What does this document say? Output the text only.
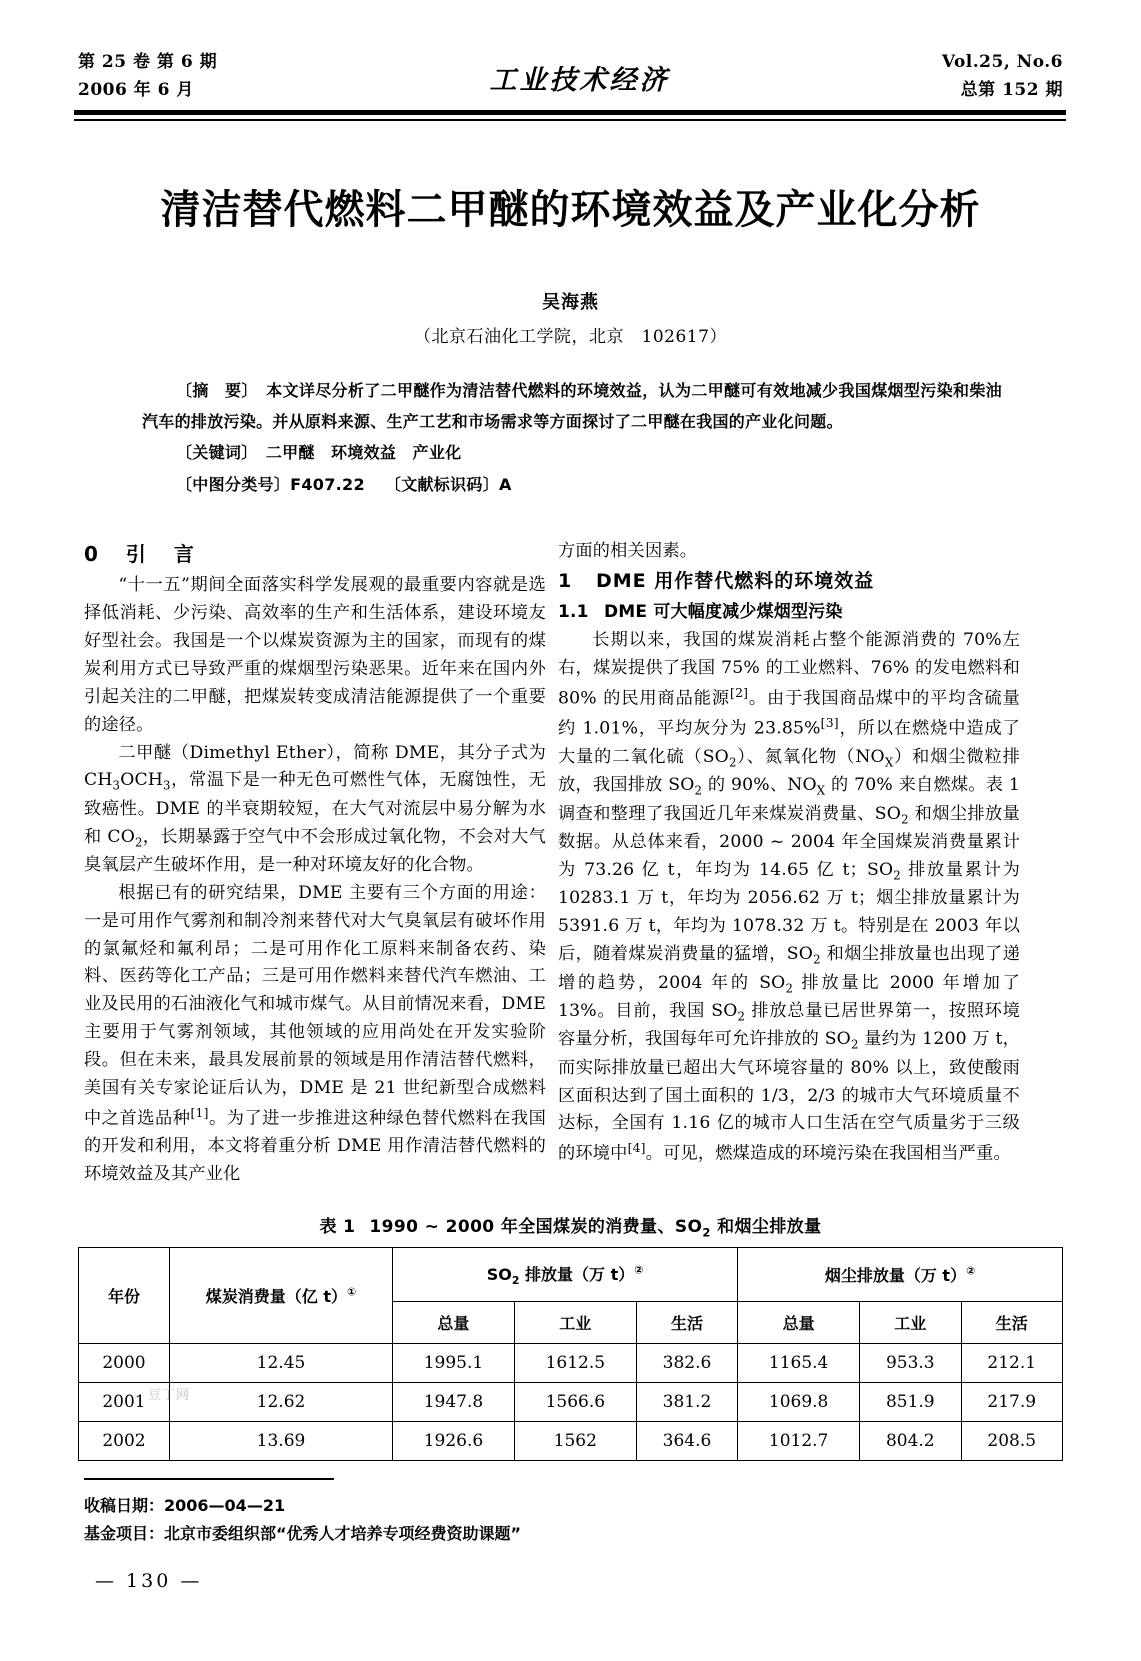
第 25 卷 第 6 期
2006 年 6 月	工业技术经济
Vol.25, No.6
总第 152 期
清洁替代燃料二甲醚的环境效益及产业化分析
吴海燕
（北京石油化工学院，北京　102617）

〔摘　要〕　 本文详尽分析了二甲醚作为清洁替代燃料的环境效益，认为二甲醚可有效地减少我国煤烟型污染和柴油汽车的排放污染。并从原料来源、生产工艺和市场需求等方面探讨了二甲醚在我国的产业化问题。

〔关键词〕　 二甲醚　环境效益　产业化

〔中图分类号〕F407.22 〔文献标识码〕A

0　引　言

“十一五”期间全面落实科学发展观的最重要内容就是选择低消耗、少污染、高效率的生产和生活体系，建设环境友好型社会。我国是一个以煤炭资源为主的国家，而现有的煤炭利用方式已导致严重的煤烟型污染恶果。近年来在国内外引起关注的二甲醚，把煤炭转变成清洁能源提供了一个重要的途径。

二甲醚（Dimethyl Ether），简称 DME，其分子式为$CH_3OCH_3$，常温下是一种无色可燃性气体，无腐蚀性，无致癌性。DME 的半衰期较短，在大气对流层中易分解为水和 $CO_2$，长期暴露于空气中不会形成过氧化物，不会对大气臭氧层产生破坏作用，是一种对环境友好的化合物。

根据已有的研究结果，DME 主要有三个方面的用途：一是可用作气雾剂和制冷剂来替代对大气臭氧层有破坏作用的氯氟烃和氟利昂；二是可用作化工原料来制备农药、染料、医药等化工产品；三是可用作燃料来替代汽车燃油、工业及民用的石油液化气和城市煤气。从目前情况来看，DME 主要用于气雾剂领域，其他领域的应用尚处在开发实验阶段。但在未来，最具发展前景的领域是用作清洁替代燃料，美国有关专家论证后认为，DME 是 21 世纪新型合成燃料中之首选品种[1]。为了进一步推进这种绿色替代燃料在我国的开发和利用，本文将着重分析 DME 用作清洁替代燃料的环境效益及其产业化

方面的相关因素。

1 DME 用作替代燃料的环境效益

1.1 DME 可大幅度减少煤烟型污染

长期以来，我国的煤炭消耗占整个能源消费的 70%左右，煤炭提供了我国 75% 的工业燃料、76% 的发电燃料和 80% 的民用商品能源[2]。由于我国商品煤中的平均含硫量约 1.01%，平均灰分为 23.85%[3]，所以在燃烧中造成了大量的二氧化硫$(SO_2)$、氮氧化物$(NO_X)$和烟尘微粒排放，我国排放 $SO_2$ 的 90%、$NO_X$ 的 70% 来自燃煤。表 1 调查和整理了我国近几年来煤炭消费量、$SO_2$ 和烟尘排放量数据。从总体来看，2000 ~ 2004 年全国煤炭消费量累计为 73.26 亿 t，年均为 14.65 亿 t；$SO_2$ 排放量累计为 10283.1 万 t，年均为 2056.62 万 t；烟尘排放量累计为 5391.6 万 t，年均为 1078.32 万 t。特别是在 2003 年以后，随着煤炭消费量的猛增，$SO_2$ 和烟尘排放量也出现了递增的趋势，2004 年的 $SO_2$ 排放量比 2000 年增加了 13%。目前，我国 $SO_2$ 排放总量已居世界第一，按照环境容量分析，我国每年可允许排放的 $SO_2$ 量约为 1200 万 t，而实际排放量已超出大气环境容量的 80% 以上，致使酸雨区面积达到了国土面积的 1/3，2/3 的城市大气环境质量不达标，全国有 1.16 亿的城市人口生活在空气质量劣于三级的环境中[4]。可见，燃煤造成的环境污染在我国相当严重。

表 1 1990 ~ 2000 年全国煤炭的消费量、$SO_2$ 和烟尘排放量
年份	煤炭消费量（亿 t）①	$SO_2$ 排放量（万 t）②			烟尘排放量（万 t）②
		总量	工业	生活	总量	工业	生活
2000	12.45	1995.1	1612.5	382.6	1165.4	953.3	212.1
2001	12.62	1947.8	1566.6	381.2	1069.8	851.9	217.9
2002	13.69	1926.6	1562	364.6	1012.7	804.2	208.5
豆丁网
收稿日期：2006—04—21
基金项目：北京市委组织部“优秀人才培养专项经费资助课题”
— 130 —
